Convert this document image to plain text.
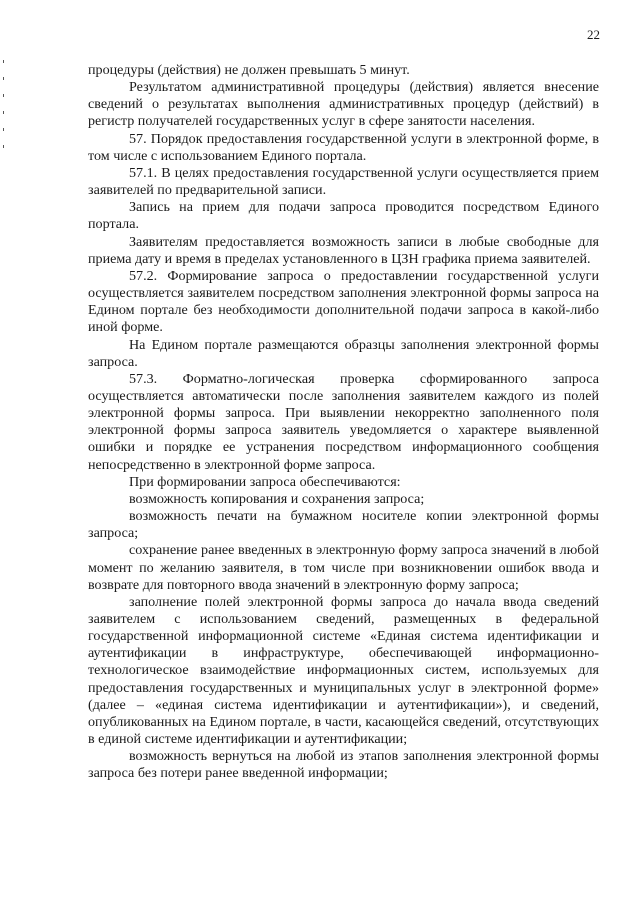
22

процедуры (действия) не должен превышать 5 минут.

Результатом административной процедуры (действия) является внесение сведений о результатах выполнения административных процедур (действий) в регистр получателей государственных услуг в сфере занятости населения.

57. Порядок предоставления государственной услуги в электронной форме, в том числе с использованием Единого портала.

57.1. В целях предоставления государственной услуги осуществляется прием заявителей по предварительной записи.

Запись на прием для подачи запроса проводится посредством Единого портала.

Заявителям предоставляется возможность записи в любые свободные для приема дату и время в пределах установленного в ЦЗН графика приема заявителей.

57.2. Формирование запроса о предоставлении государственной услуги осуществляется заявителем посредством заполнения электронной формы запроса на Едином портале без необходимости дополнительной подачи запроса в какой-либо иной форме.

На Едином портале размещаются образцы заполнения электронной формы запроса.

57.3. Форматно-логическая проверка сформированного запроса осуществляется автоматически после заполнения заявителем каждого из полей электронной формы запроса. При выявлении некорректно заполненного поля электронной формы запроса заявитель уведомляется о характере выявленной ошибки и порядке ее устранения посредством информационного сообщения непосредственно в электронной форме запроса.

При формировании запроса обеспечиваются:

возможность копирования и сохранения запроса;

возможность печати на бумажном носителе копии электронной формы запроса;

сохранение ранее введенных в электронную форму запроса значений в любой момент по желанию заявителя, в том числе при возникновении ошибок ввода и возврате для повторного ввода значений в электронную форму запроса;

заполнение полей электронной формы запроса до начала ввода сведений заявителем с использованием сведений, размещенных в федеральной государственной информационной системе «Единая система идентификации и аутентификации в инфраструктуре, обеспечивающей информационно-технологическое взаимодействие информационных систем, используемых для предоставления государственных и муниципальных услуг в электронной форме» (далее – «единая система идентификации и аутентификации»), и сведений, опубликованных на Едином портале, в части, касающейся сведений, отсутствующих в единой системе идентификации и аутентификации;

возможность вернуться на любой из этапов заполнения электронной формы запроса без потери ранее введенной информации;
